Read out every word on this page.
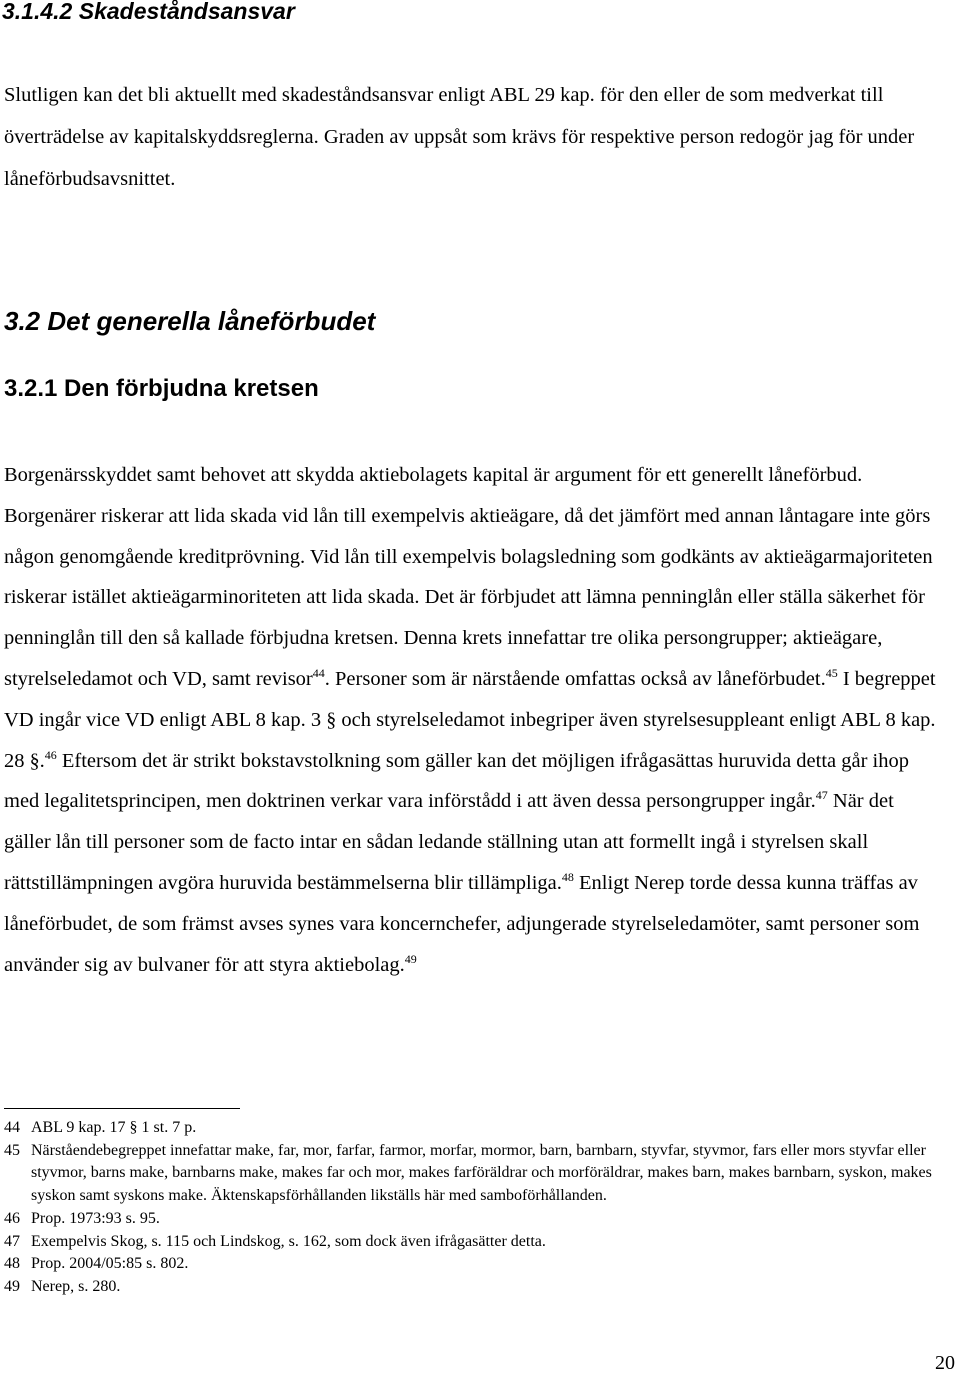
3.1.4.2 Skadeståndsansvar

Slutligen kan det bli aktuellt med skadeståndsansvar enligt ABL 29 kap. för den eller de som medverkat till överträdelse av kapitalskyddsreglerna. Graden av uppsåt som krävs för respektive person redogör jag för under låneförbudsavsnittet.

3.2 Det generella låneförbudet
3.2.1 Den förbjudna kretsen

Borgenärsskyddet samt behovet att skydda aktiebolagets kapital är argument för ett generellt låneförbud. Borgenärer riskerar att lida skada vid lån till exempelvis aktieägare, då det jämfört med annan låntagare inte görs någon genomgående kreditprövning. Vid lån till exempelvis bolagsledning som godkänts av aktieägarmajoriteten riskerar istället aktieägarminoriteten att lida skada. Det är förbjudet att lämna penninglån eller ställa säkerhet för penninglån till den så kallade förbjudna kretsen. Denna krets innefattar tre olika persongrupper; aktieägare, styrelseledamot och VD, samt revisor$^{44}$. Personer som är närstående omfattas också av låneförbudet.$^{45}$ I begreppet VD ingår vice VD enligt ABL 8 kap. 3 § och styrelseledamot inbegriper även styrelsesuppleant enligt ABL 8 kap. 28 §.$^{46}$ Eftersom det är strikt bokstavstolkning som gäller kan det möjligen ifrågasättas huruvida detta går ihop med legalitetsprincipen, men doktrinen verkar vara införstådd i att även dessa persongrupper ingår.$^{47}$ När det gäller lån till personer som de facto intar en sådan ledande ställning utan att formellt ingå i styrelsen skall rättstillämpningen avgöra huruvida bestämmelserna blir tillämpliga.$^{48}$ Enligt Nerep torde dessa kunna träffas av låneförbudet, de som främst avses synes vara koncernchefer, adjungerade styrelseledamöter, samt personer som använder sig av bulvaner för att styra aktiebolag.$^{49}$

44 ABL 9 kap. 17 § 1 st. 7 p.
45 Närståendebegreppet innefattar make, far, mor, farfar, farmor, morfar, mormor, barn, barnbarn, styvfar, styvmor, fars eller mors styvfar eller styvmor, barns make, barnbarns make, makes far och mor, makes farföräldrar och morföräldrar, makes barn, makes barnbarn, syskon, makes syskon samt syskons make. Äktenskapsförhållanden likställs här med samboförhållanden.
46 Prop. 1973:93 s. 95.
47 Exempelvis Skog, s. 115 och Lindskog, s. 162, som dock även ifrågasätter detta.
48 Prop. 2004/05:85 s. 802.
49 Nerep, s. 280.

20
